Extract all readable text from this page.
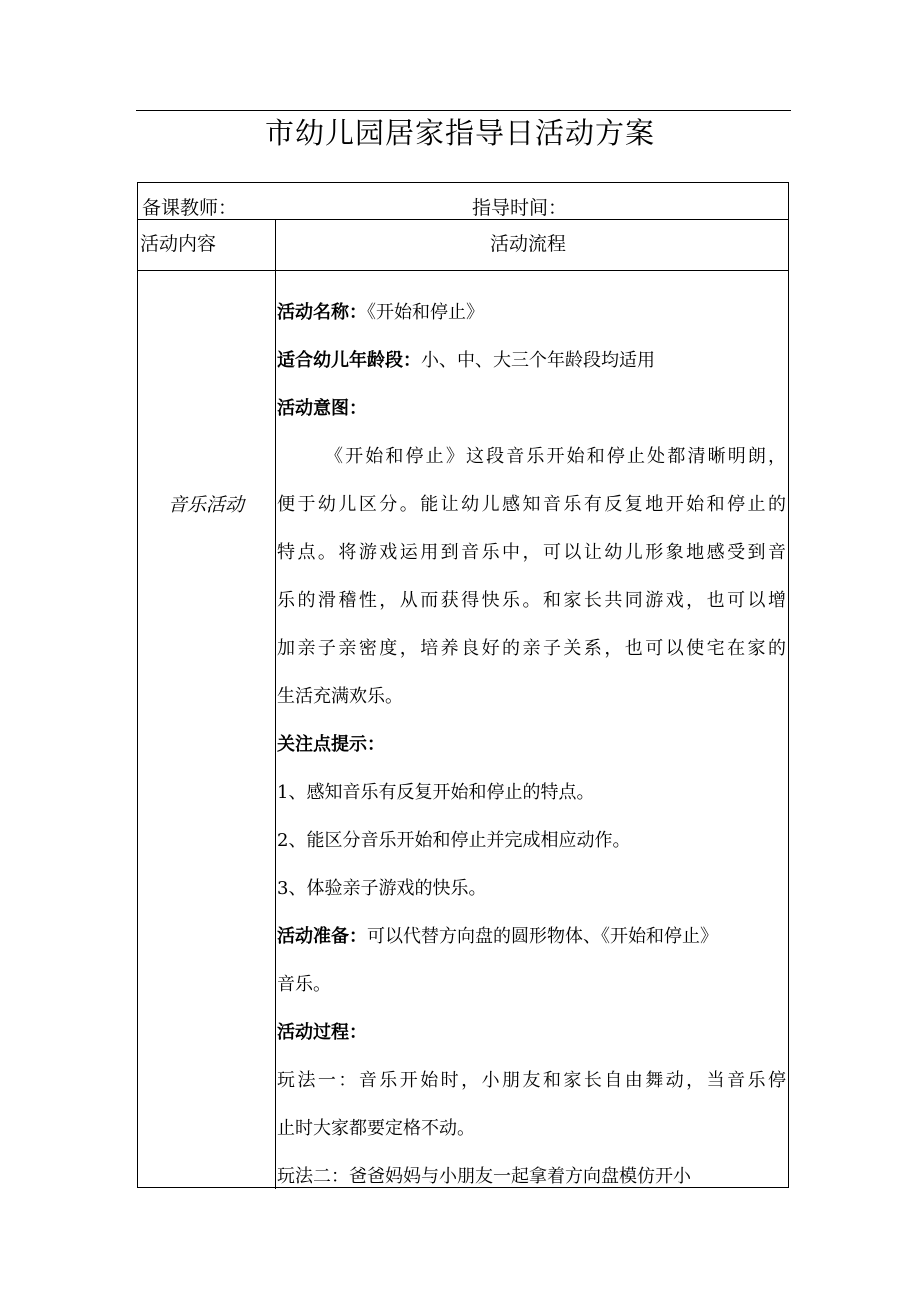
市幼儿园居家指导日活动方案
备课教师：	指导时间：
活动内容	活动流程
音乐活动

活动名称：《开始和停止》

适合幼儿年龄段：小、中、大三个年龄段均适用

活动意图：

《开始和停止》这段音乐开始和停止处都清晰明朗，

便于幼儿区分。能让幼儿感知音乐有反复地开始和停止的

特点。将游戏运用到音乐中，可以让幼儿形象地感受到音

乐的滑稽性，从而获得快乐。和家长共同游戏，也可以增

加亲子亲密度，培养良好的亲子关系，也可以使宅在家的

生活充满欢乐。

关注点提示：

1、感知音乐有反复开始和停止的特点。

2、能区分音乐开始和停止并完成相应动作。

3、体验亲子游戏的快乐。

活动准备：可以代替方向盘的圆形物体、《开始和停止》

音乐。

活动过程：

玩法一：音乐开始时，小朋友和家长自由舞动，当音乐停

止时大家都要定格不动。

玩法二：爸爸妈妈与小朋友一起拿着方向盘模仿开小
